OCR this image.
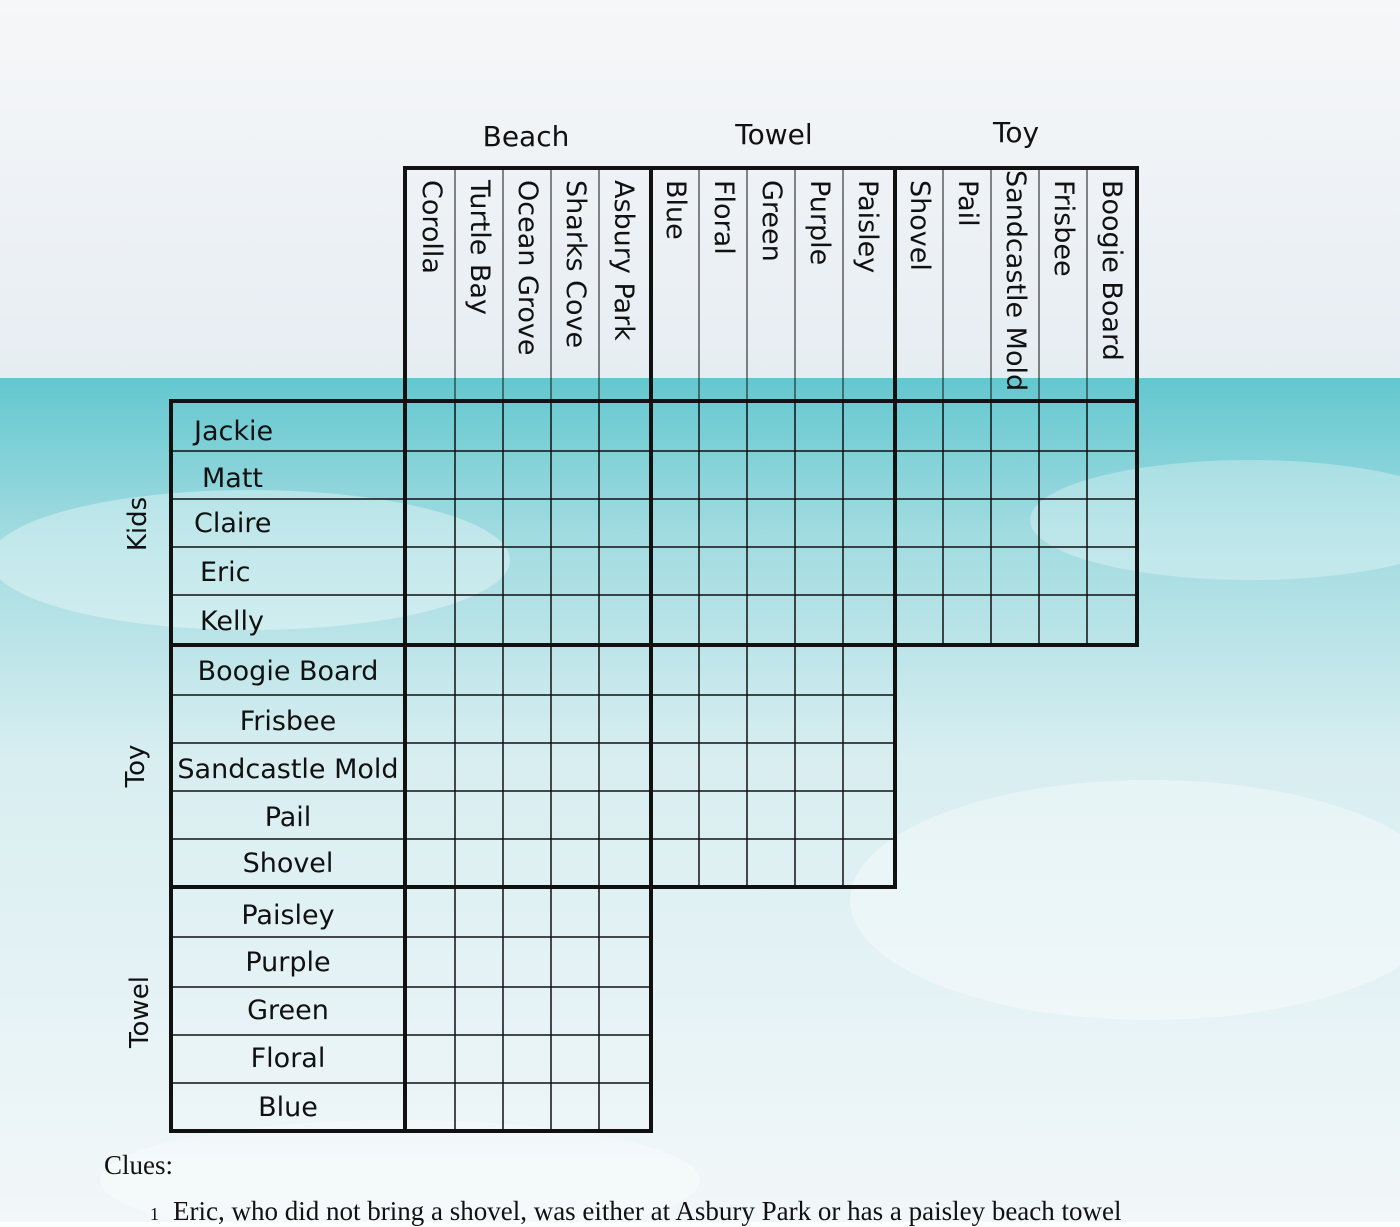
Beach	Towel	Toy
Kids
Toy
Towel
Corolla Turtle Bay Ocean Grove Sharks Cove Asbury Park Blue Floral Green Purple Paisley Shovel Pail Sandcastle Mold Frisbee Boogie Board
Jackie
Matt
Claire
Eric
Kelly
Boogie Board
Frisbee
Sandcastle Mold
Pail
Shovel
Paisley
Purple
Green
Floral
Blue
Clues:
1 Eric, who did not bring a shovel, was either at Asbury Park or has a paisley beach towel
